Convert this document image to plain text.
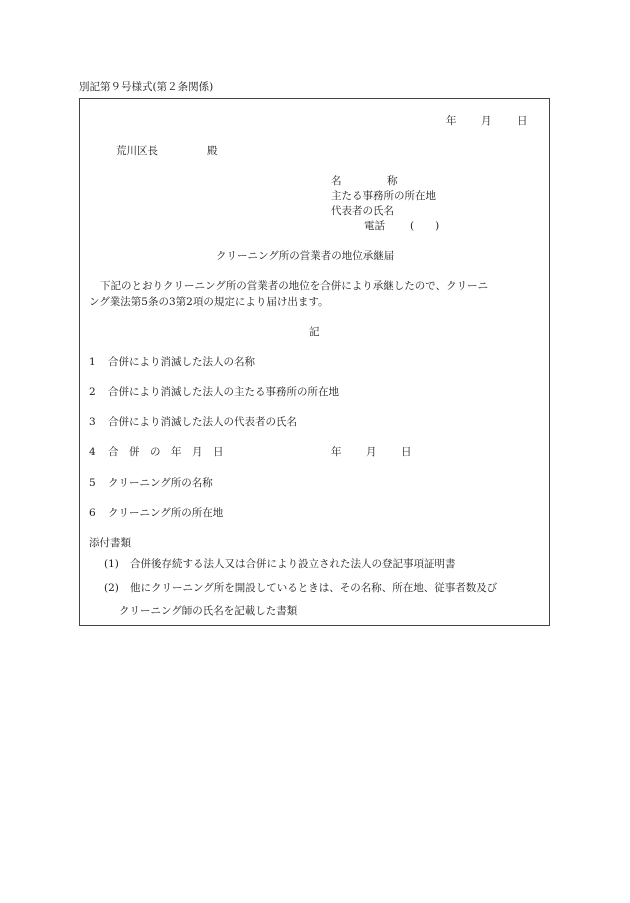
別記第９号様式(第２条関係)
年 月 日
荒川区長	殿
名	称
主たる事務所の所在地
代表者の氏名
電話 (　　)
クリーニング所の営業者の地位承継届
下記のとおりクリーニング所の営業者の地位を合併により承継したので、クリーニ
ング業法第5条の3第2項の規定により届け出ます。
記
1 合併により消滅した法人の名称
2 合併により消滅した法人の主たる事務所の所在地
3 合併により消滅した法人の代表者の氏名
4 合　併　の　年　月　日	年 月 日
5 クリーニング所の名称
6 クリーニング所の所在地
添付書類
(1) 合併後存続する法人又は合併により設立された法人の登記事項証明書
(2) 他にクリーニング所を開設しているときは、その名称、所在地、従事者数及び
クリーニング師の氏名を記載した書類
